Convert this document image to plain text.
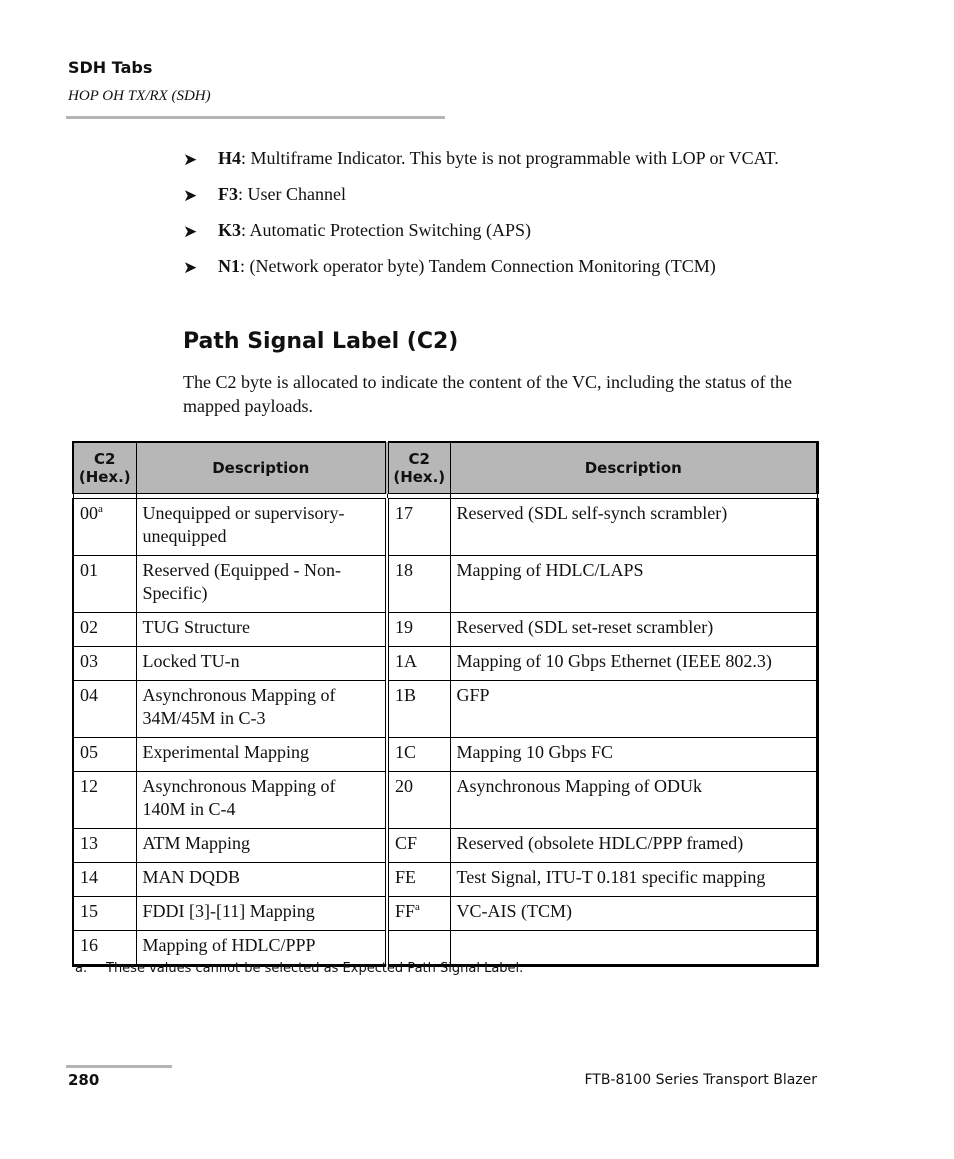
SDH Tabs
HOP OH TX/RX (SDH)
➤ H4: Multiframe Indicator. This byte is not programmable with LOP or VCAT.
➤ F3: User Channel
➤ K3: Automatic Protection Switching (APS)
➤ N1: (Network operator byte) Tandem Connection Monitoring (TCM)
Path Signal Label (C2)

The C2 byte is allocated to indicate the content of the VC, including the status of the mapped payloads.

C2 (Hex.)	Description	C2 (Hex.)	Description

00$^a$	Unequipped or supervisory-unequipped	17	Reserved (SDL self-synch scrambler)
01	Reserved (Equipped - Non-Specific)	18	Mapping of HDLC/LAPS
02	TUG Structure	19	Reserved (SDL set-reset scrambler)
03	Locked TU-n	1A	Mapping of 10 Gbps Ethernet (IEEE 802.3)
04	Asynchronous Mapping of 34M/45M in C-3	1B	GFP
05	Experimental Mapping	1C	Mapping 10 Gbps FC
12	Asynchronous Mapping of 140M in C-4	20	Asynchronous Mapping of ODUk
13	ATM Mapping	CF	Reserved (obsolete HDLC/PPP framed)
14	MAN DQDB	FE	Test Signal, ITU-T 0.181 specific mapping
15	FDDI [3]-[11] Mapping	$FF^a$	VC-AIS (TCM)
16	Mapping of HDLC/PPP		
a. These values cannot be selected as Expected Path Signal Label.
280	FTB-8100 Series Transport Blazer
